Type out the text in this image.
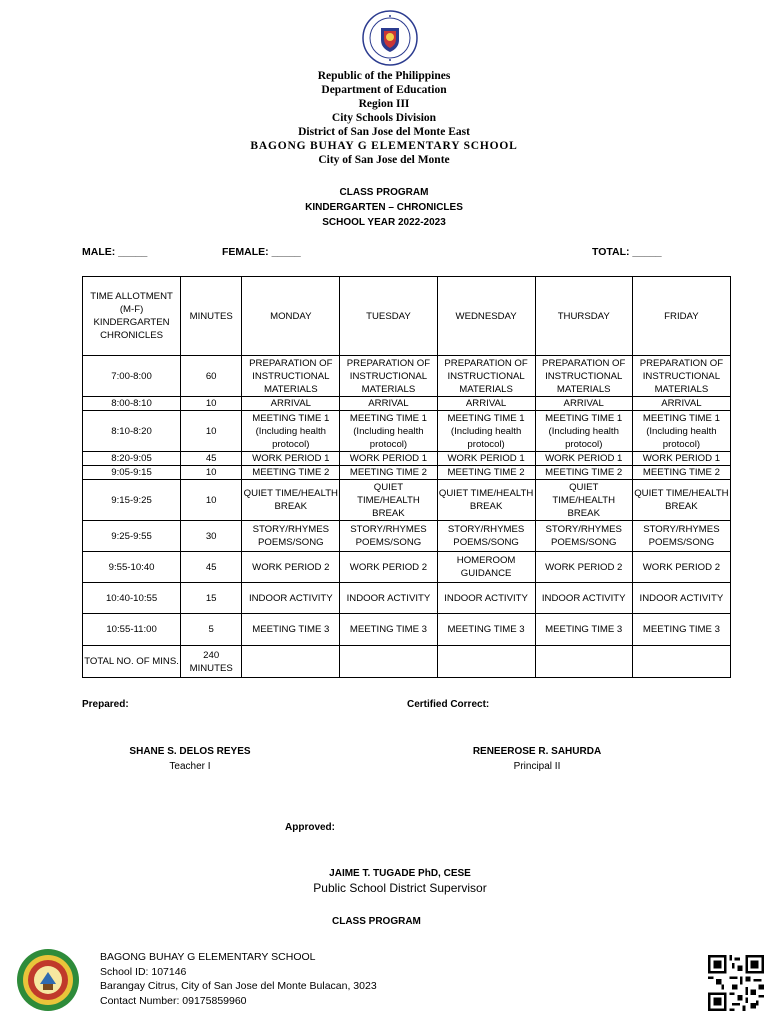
Republic of the Philippines
Department of Education
Region III
City Schools Division
District of San Jose del Monte East
BAGONG BUHAY G ELEMENTARY SCHOOL
City of San Jose del Monte
CLASS PROGRAM
KINDERGARTEN – CHRONICLES
SCHOOL YEAR 2022-2023
MALE: _____	FEMALE: _____	TOTAL: _____
TIME ALLOTMENT (M-F) KINDERGARTEN CHRONICLES	MINUTES	MONDAY	TUESDAY	WEDNESDAY	THURSDAY	FRIDAY
7:00-8:00	60	PREPARATION OF INSTRUCTIONAL MATERIALS	PREPARATION OF INSTRUCTIONAL MATERIALS	PREPARATION OF INSTRUCTIONAL MATERIALS	PREPARATION OF INSTRUCTIONAL MATERIALS	PREPARATION OF INSTRUCTIONAL MATERIALS
8:00-8:10	10	ARRIVAL	ARRIVAL	ARRIVAL	ARRIVAL	ARRIVAL
8:10-8:20	10	MEETING TIME 1 (Including health protocol)	MEETING TIME 1 (Including health protocol)	MEETING TIME 1 (Including health protocol)	MEETING TIME 1 (Including health protocol)	MEETING TIME 1 (Including health protocol)
8:20-9:05	45	WORK PERIOD 1	WORK PERIOD 1	WORK PERIOD 1	WORK PERIOD 1	WORK PERIOD 1
9:05-9:15	10	MEETING TIME 2	MEETING TIME 2	MEETING TIME 2	MEETING TIME 2	MEETING TIME 2
9:15-9:25	10	QUIET TIME/HEALTH BREAK	QUIET TIME/HEALTH BREAK	QUIET TIME/HEALTH BREAK	QUIET TIME/HEALTH BREAK	QUIET TIME/HEALTH BREAK
9:25-9:55	30	STORY/RHYMES POEMS/SONG	STORY/RHYMES POEMS/SONG	STORY/RHYMES POEMS/SONG	STORY/RHYMES POEMS/SONG	STORY/RHYMES POEMS/SONG
9:55-10:40	45	WORK PERIOD 2	WORK PERIOD 2	HOMEROOM GUIDANCE	WORK PERIOD 2	WORK PERIOD 2
10:40-10:55	15	INDOOR ACTIVITY	INDOOR ACTIVITY	INDOOR ACTIVITY	INDOOR ACTIVITY	INDOOR ACTIVITY
10:55-11:00	5	MEETING TIME 3	MEETING TIME 3	MEETING TIME 3	MEETING TIME 3	MEETING TIME 3
TOTAL NO. OF MINS.	240 MINUTES					
Prepared:	Certified Correct:
SHANE S. DELOS REYES
Teacher I
RENEEROSE R. SAHURDA
Principal II
Approved:
JAIME T. TUGADE PhD, CESE
Public School District Supervisor
CLASS PROGRAM
BAGONG BUHAY G ELEMENTARY SCHOOL
School ID: 107146
Barangay Citrus, City of San Jose del Monte Bulacan, 3023
Contact Number: 09175859960
